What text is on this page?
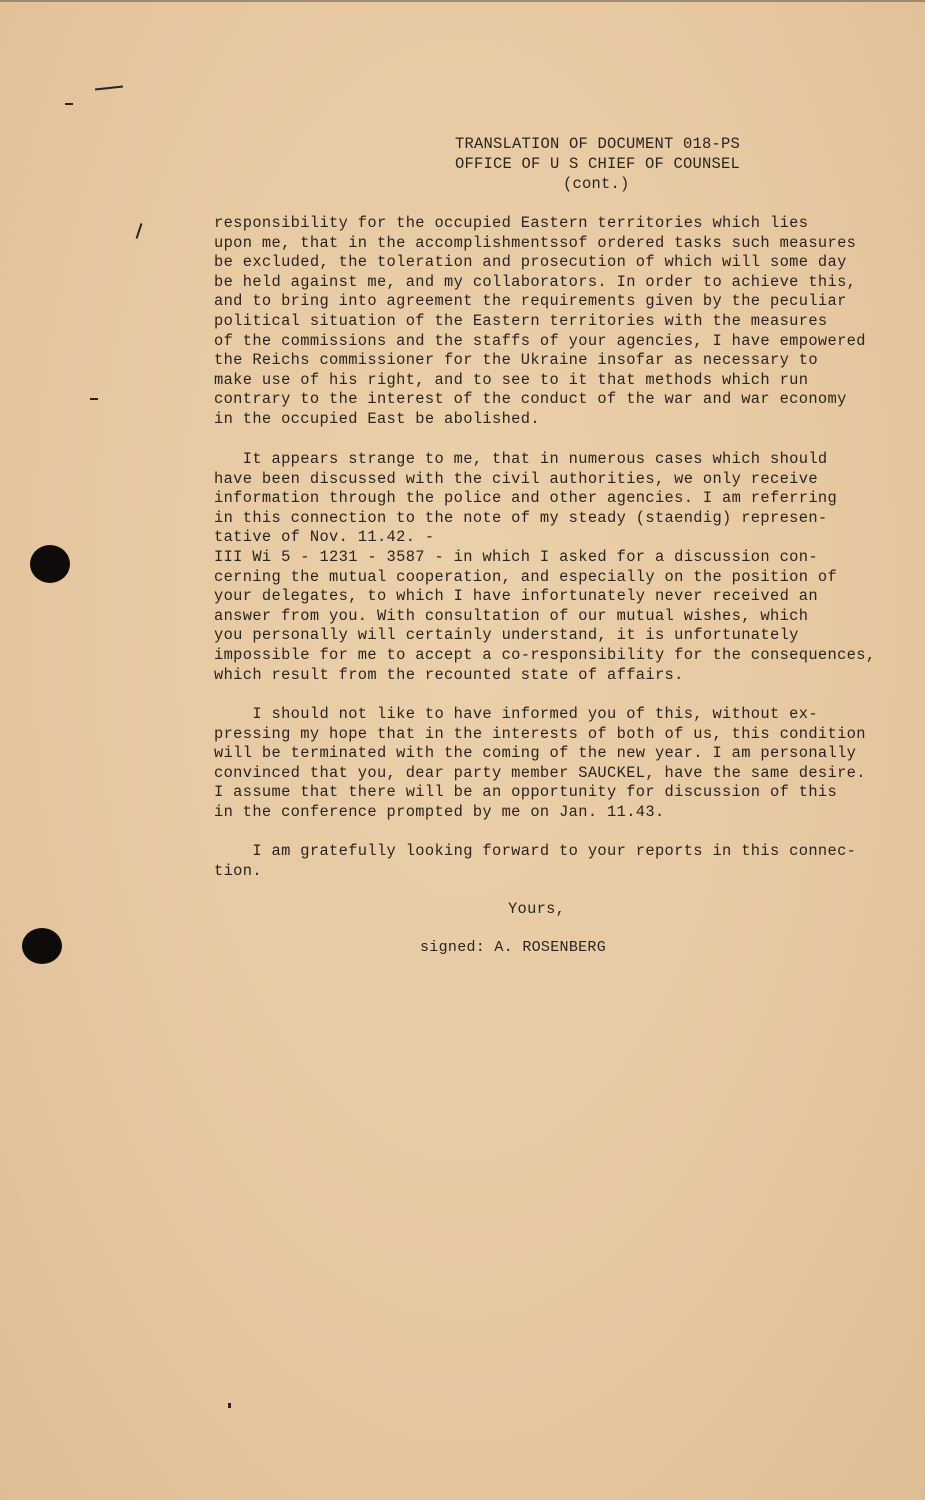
TRANSLATION OF DOCUMENT 018-PS
OFFICE OF U S CHIEF OF COUNSEL
(cont.)
responsibility for the occupied Eastern territories which lies
upon me, that in the accomplishmentssof ordered tasks such measures
be excluded, the toleration and prosecution of which will some day
be held against me, and my collaborators. In order to achieve this,
and to bring into agreement the requirements given by the peculiar
political situation of the Eastern territories with the measures
of the commissions and the staffs of your agencies, I have empowered
the Reichs commissioner for the Ukraine insofar as necessary to
make use of his right, and to see to it that methods which run
contrary to the interest of the conduct of the war and war economy
in the occupied East be abolished.
It appears strange to me, that in numerous cases which should
have been discussed with the civil authorities, we only receive
information through the police and other agencies. I am referring
in this connection to the note of my steady (staendig) represen-
tative of Nov. 11.42. -
III Wi 5 - 1231 - 3587 - in which I asked for a discussion con-
cerning the mutual cooperation, and especially on the position of
your delegates, to which I have infortunately never received an
answer from you. With consultation of our mutual wishes, which
you personally will certainly understand, it is unfortunately
impossible for me to accept a co-responsibility for the consequences,
which result from the recounted state of affairs.
I should not like to have informed you of this, without ex-
pressing my hope that in the interests of both of us, this condition
will be terminated with the coming of the new year. I am personally
convinced that you, dear party member SAUCKEL, have the same desire.
I assume that there will be an opportunity for discussion of this
in the conference prompted by me on Jan. 11.43.
I am gratefully looking forward to your reports in this connec-
tion.
Yours,
signed: A. ROSENBERG
